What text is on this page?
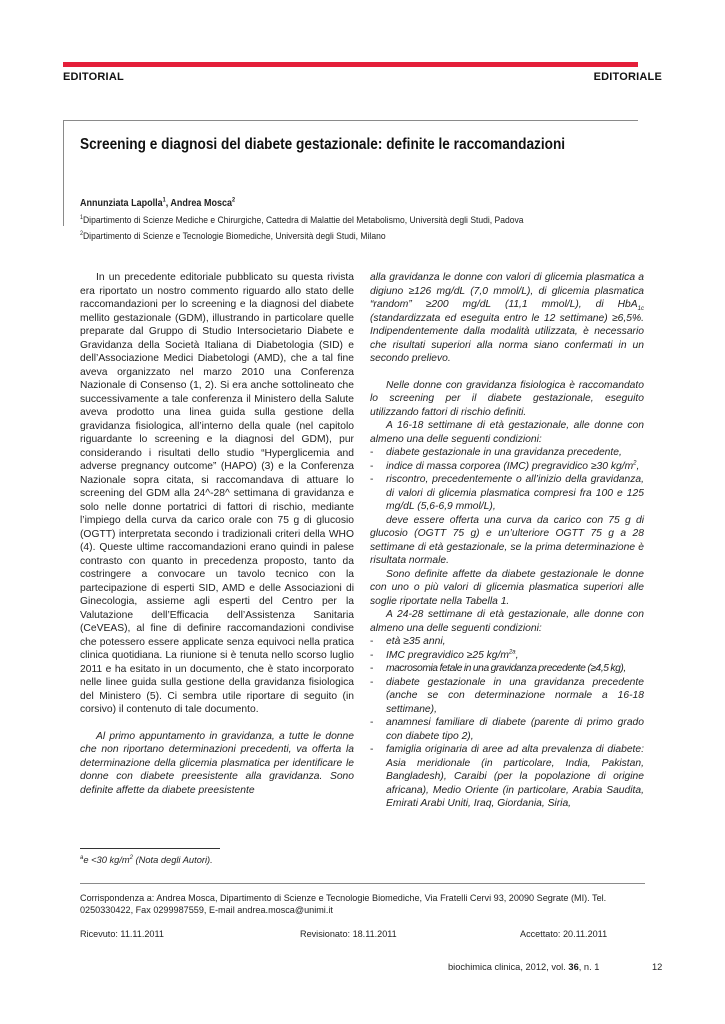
EDITORIAL	EDITORIALE
Screening e diagnosi del diabete gestazionale: definite le raccomandazioni
Annunziata Lapolla$^1$, Andrea Mosca$^2$
$^1$Dipartimento di Scienze Mediche e Chirurgiche, Cattedra di Malattie del Metabolismo, Università degli Studi, Padova
$^2$Dipartimento di Scienze e Tecnologie Biomediche, Università degli Studi, Milano

In un precedente editoriale pubblicato su questa rivista era riportato un nostro commento riguardo allo stato delle raccomandazioni per lo screening e la diagnosi del diabete mellito gestazionale (GDM), illustrando in particolare quelle preparate dal Gruppo di Studio Intersocietario Diabete e Gravidanza della Società Italiana di Diabetologia (SID) e dell’Associazione Medici Diabetologi (AMD), che a tal fine aveva organizzato nel marzo 2010 una Conferenza Nazionale di Consenso (1, 2). Si era anche sottolineato che successivamente a tale conferenza il Ministero della Salute aveva prodotto una linea guida sulla gestione della gravidanza fisiologica, all’interno della quale (nel capitolo riguardante lo screening e la diagnosi del GDM), pur considerando i risultati dello studio “Hyperglicemia and adverse pregnancy outcome” (HAPO) (3) e la Conferenza Nazionale sopra citata, si raccomandava di attuare lo screening del GDM alla 24^-28^ settimana di gravidanza e solo nelle donne portatrici di fattori di rischio, mediante l’impiego della curva da carico orale con 75 g di glucosio (OGTT) interpretata secondo i tradizionali criteri della WHO (4). Queste ultime raccomandazioni erano quindi in palese contrasto con quanto in precedenza proposto, tanto da costringere a convocare un tavolo tecnico con la partecipazione di esperti SID, AMD e delle Associazioni di Ginecologia, assieme agli esperti del Centro per la Valutazione dell’Efficacia dell’Assistenza Sanitaria (CeVEAS), al fine di definire raccomandazioni condivise che potessero essere applicate senza equivoci nella pratica clinica quotidiana. La riunione si è tenuta nello scorso luglio 2011 e ha esitato in un documento, che è stato incorporato nelle linee guida sulla gestione della gravidanza fisiologica del Ministero (5). Ci sembra utile riportare di seguito (in corsivo) il contenuto di tale documento.

Al primo appuntamento in gravidanza, a tutte le donne che non riportano determinazioni precedenti, va offerta la determinazione della glicemia plasmatica per identificare le donne con diabete preesistente alla gravidanza. Sono definite affette da diabete preesistente

alla gravidanza le donne con valori di glicemia plasmatica a digiuno ≥126 mg/dL (7,0 mmol/L), di glicemia plasmatica “random” ≥200 mg/dL (11,1 mmol/L), di HbA$_{1c}$ (standardizzata ed eseguita entro le 12 settimane) ≥6,5%. Indipendentemente dalla modalità utilizzata, è necessario che risultati superiori alla norma siano confermati in un secondo prelievo.

Nelle donne con gravidanza fisiologica è raccomandato lo screening per il diabete gestazionale, eseguito utilizzando fattori di rischio definiti.

A 16-18 settimane di età gestazionale, alle donne con almeno una delle seguenti condizioni:

- diabete gestazionale in una gravidanza precedente,
- indice di massa corporea (IMC) pregravidico ≥30 $kg/m^2$,
- riscontro, precedentemente o all’inizio della gravidanza, di valori di glicemia plasmatica compresi fra 100 e 125 mg/dL (5,6-6,9 mmol/L),

deve essere offerta una curva da carico con 75 g di glucosio (OGTT 75 g) e un’ulteriore OGTT 75 g a 28 settimane di età gestazionale, se la prima determinazione è risultata normale.

Sono definite affette da diabete gestazionale le donne con uno o più valori di glicemia plasmatica superiori alle soglie riportate nella Tabella 1.

A 24-28 settimane di età gestazionale, alle donne con almeno una delle seguenti condizioni:

- età ≥35 anni,
- IMC pregravidico ≥25 $kg/m^{2a}$,
- macrosomia fetale in una gravidanza precedente (≥4,5 kg),
- diabete gestazionale in una gravidanza precedente (anche se con determinazione normale a 16-18 settimane),
- anamnesi familiare di diabete (parente di primo grado con diabete tipo 2),
- famiglia originaria di aree ad alta prevalenza di diabete: Asia meridionale (in particolare, India, Pakistan, Bangladesh), Caraibi (per la popolazione di origine africana), Medio Oriente (in particolare, Arabia Saudita, Emirati Arabi Uniti, Iraq, Giordania, Siria,
$^a$e <30 $kg/m^2$ (Nota degli Autori).
Corrispondenza a: Andrea Mosca, Dipartimento di Scienze e Tecnologie Biomediche, Via Fratelli Cervi 93, 20090 Segrate (MI). Tel. 0250330422, Fax 0299987559, E-mail andrea.mosca@unimi.it
Ricevuto: 11.11.2011	Revisionato: 18.11.2011	Accettato: 20.11.2011
biochimica clinica, 2012, vol. 36, n. 1	12
